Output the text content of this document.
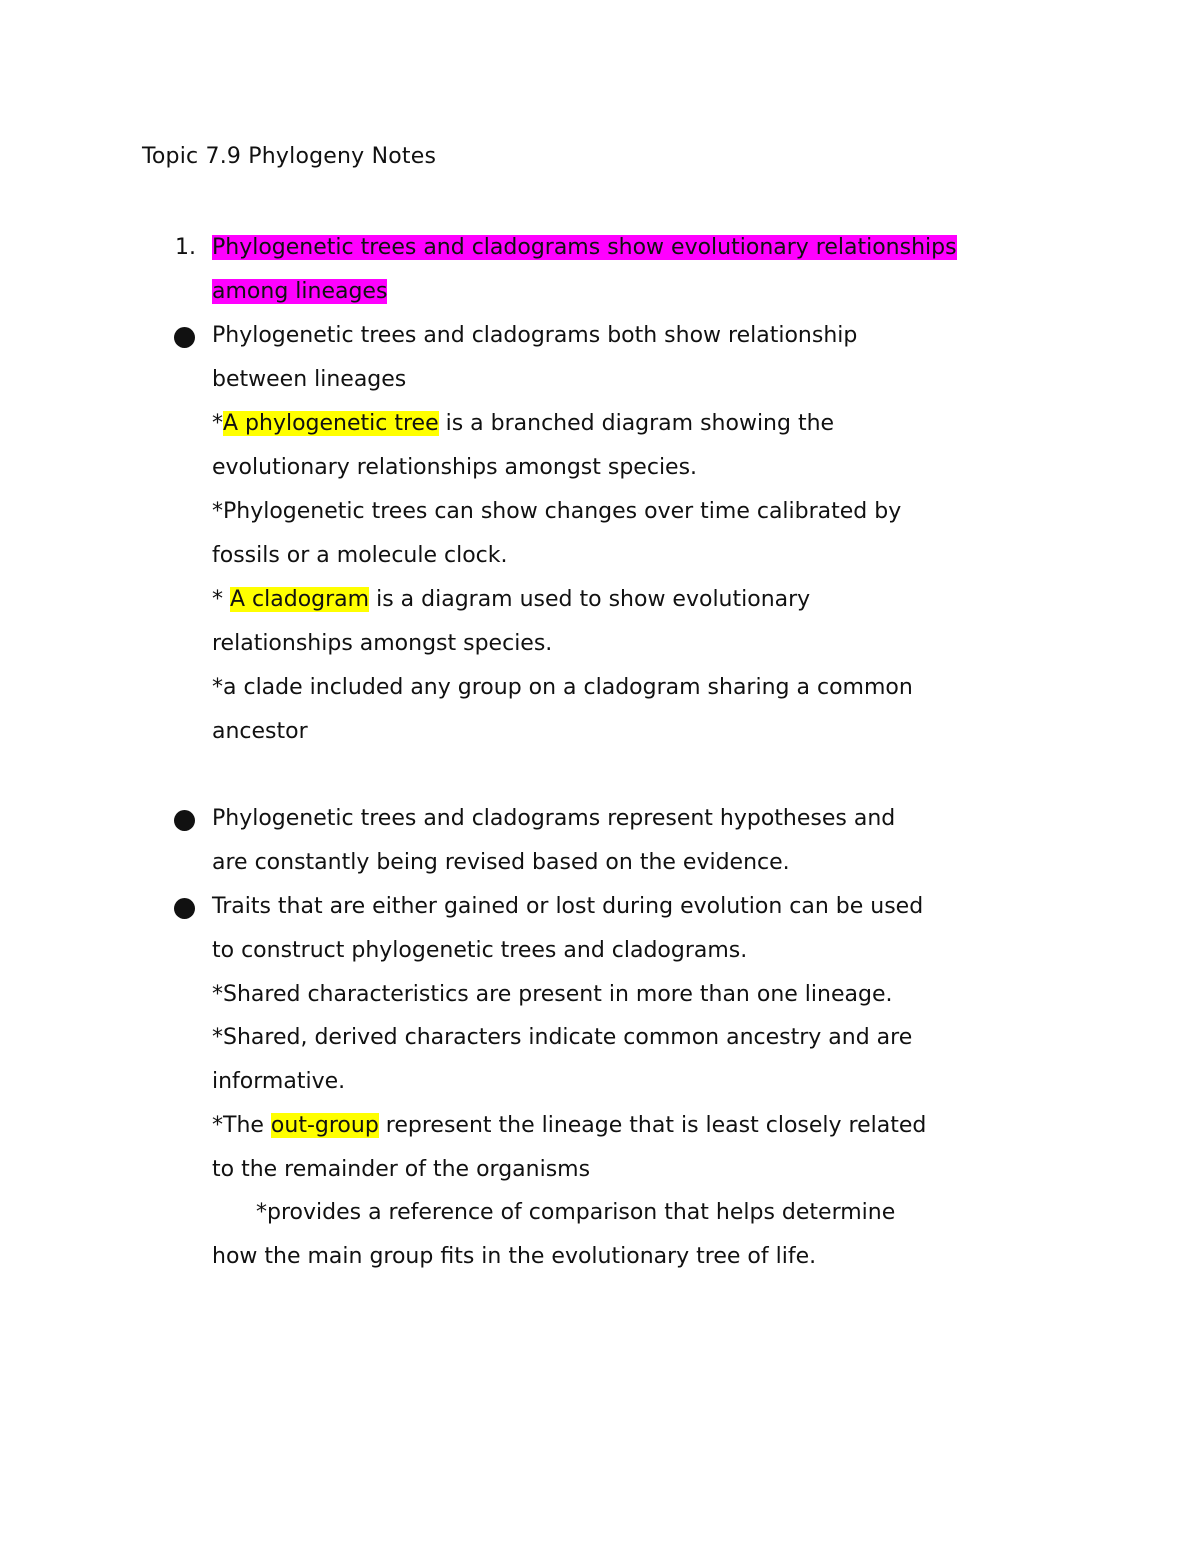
Topic 7.9 Phylogeny Notes
1. Phylogenetic trees and cladograms show evolutionary relationships
among lineages
Phylogenetic trees and cladograms both show relationship
between lineages
*A phylogenetic tree is a branched diagram showing the
evolutionary relationships amongst species.
*Phylogenetic trees can show changes over time calibrated by
fossils or a molecule clock.
* A cladogram is a diagram used to show evolutionary
relationships amongst species.
*a clade included any group on a cladogram sharing a common
ancestor
Phylogenetic trees and cladograms represent hypotheses and
are constantly being revised based on the evidence.
Traits that are either gained or lost during evolution can be used
to construct phylogenetic trees and cladograms.
*Shared characteristics are present in more than one lineage.
*Shared, derived characters indicate common ancestry and are
informative.
*The out-group represent the lineage that is least closely related
to the remainder of the organisms
*provides a reference of comparison that helps determine
how the main group fits in the evolutionary tree of life.
